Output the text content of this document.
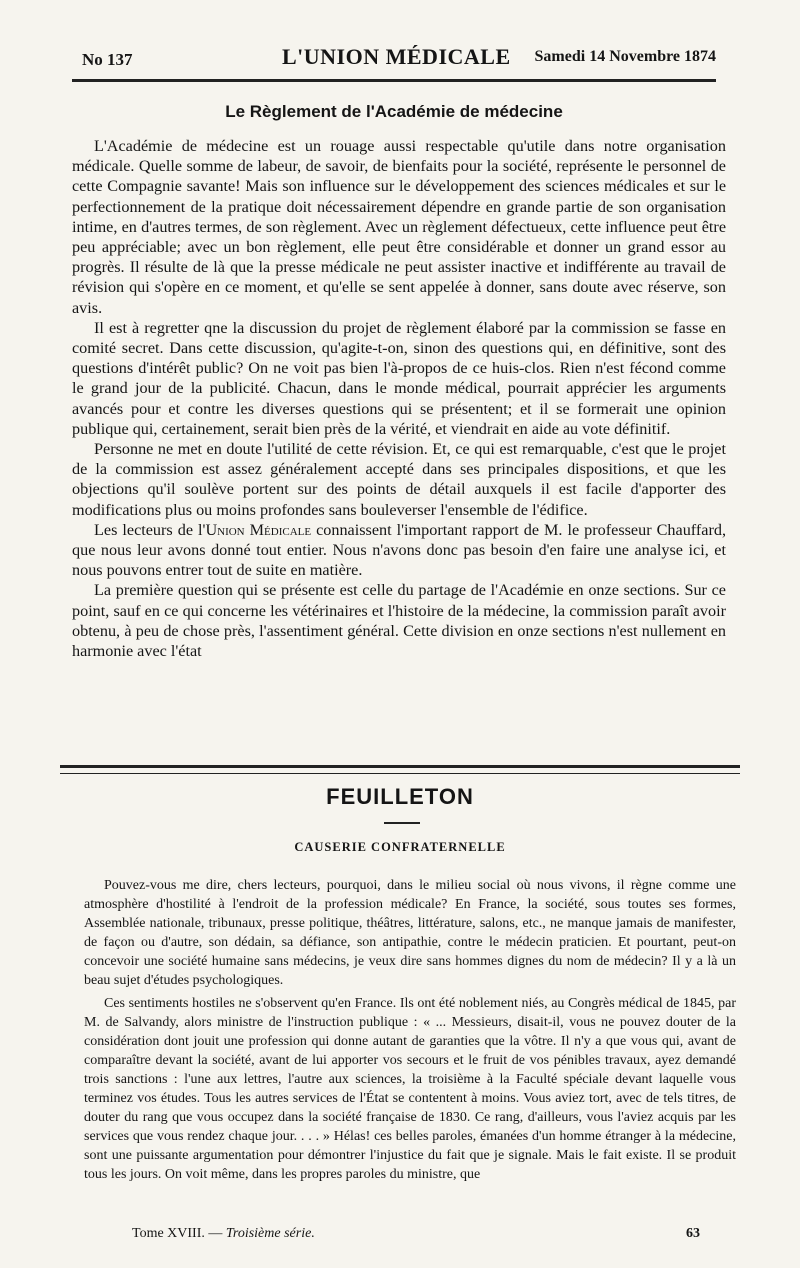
No 137	L'UNION MÉDICALE Samedi 14 Novembre 1874
Le Règlement de l'Académie de médecine

L'Académie de médecine est un rouage aussi respectable qu'utile dans notre organisation médicale. Quelle somme de labeur, de savoir, de bienfaits pour la société, représente le personnel de cette Compagnie savante! Mais son influence sur le développement des sciences médicales et sur le perfectionnement de la pratique doit nécessairement dépendre en grande partie de son organisation intime, en d'autres termes, de son règlement. Avec un règlement défectueux, cette influence peut être peu appréciable; avec un bon règlement, elle peut être considérable et donner un grand essor au progrès. Il résulte de là que la presse médicale ne peut assister inactive et indifférente au travail de révision qui s'opère en ce moment, et qu'elle se sent appelée à donner, sans doute avec réserve, son avis.

Il est à regretter qne la discussion du projet de règlement élaboré par la commission se fasse en comité secret. Dans cette discussion, qu'agite-t-on, sinon des questions qui, en définitive, sont des questions d'intérêt public? On ne voit pas bien l'à-propos de ce huis-clos. Rien n'est fécond comme le grand jour de la publicité. Chacun, dans le monde médical, pourrait apprécier les arguments avancés pour et contre les diverses questions qui se présentent; et il se formerait une opinion publique qui, certainement, serait bien près de la vérité, et viendrait en aide au vote définitif.

Personne ne met en doute l'utilité de cette révision. Et, ce qui est remarquable, c'est que le projet de la commission est assez généralement accepté dans ses principales dispositions, et que les objections qu'il soulève portent sur des points de détail auxquels il est facile d'apporter des modifications plus ou moins profondes sans bouleverser l'ensemble de l'édifice.

Les lecteurs de l'Union Médicale connaissent l'important rapport de M. le professeur Chauffard, que nous leur avons donné tout entier. Nous n'avons donc pas besoin d'en faire une analyse ici, et nous pouvons entrer tout de suite en matière.

La première question qui se présente est celle du partage de l'Académie en onze sections. Sur ce point, sauf en ce qui concerne les vétérinaires et l'histoire de la médecine, la commission paraît avoir obtenu, à peu de chose près, l'assentiment général. Cette division en onze sections n'est nullement en harmonie avec l'état

FEUILLETON
CAUSERIE CONFRATERNELLE

Pouvez-vous me dire, chers lecteurs, pourquoi, dans le milieu social où nous vivons, il règne comme une atmosphère d'hostilité à l'endroit de la profession médicale? En France, la société, sous toutes ses formes, Assemblée nationale, tribunaux, presse politique, théâtres, littérature, salons, etc., ne manque jamais de manifester, de façon ou d'autre, son dédain, sa défiance, son antipathie, contre le médecin praticien. Et pourtant, peut-on concevoir une société humaine sans médecins, je veux dire sans hommes dignes du nom de médecin? Il y a là un beau sujet d'études psychologiques.

Ces sentiments hostiles ne s'observent qu'en France. Ils ont été noblement niés, au Congrès médical de 1845, par M. de Salvandy, alors ministre de l'instruction publique : « ... Messieurs, disait-il, vous ne pouvez douter de la considération dont jouit une profession qui donne autant de garanties que la vôtre. Il n'y a que vous qui, avant de comparaître devant la société, avant de lui apporter vos secours et le fruit de vos pénibles travaux, ayez demandé trois sanctions : l'une aux lettres, l'autre aux sciences, la troisième à la Faculté spéciale devant laquelle vous terminez vos études. Tous les autres services de l'État se contentent à moins. Vous aviez tort, avec de tels titres, de douter du rang que vous occupez dans la société française de 1830. Ce rang, d'ailleurs, vous l'aviez acquis par les services que vous rendez chaque jour. . . . » Hélas! ces belles paroles, émanées d'un homme étranger à la médecine, sont une puissante argumentation pour démontrer l'injustice du fait que je signale. Mais le fait existe. Il se produit tous les jours. On voit même, dans les propres paroles du ministre, que

Tome XVIII. — Troisième série.	63
